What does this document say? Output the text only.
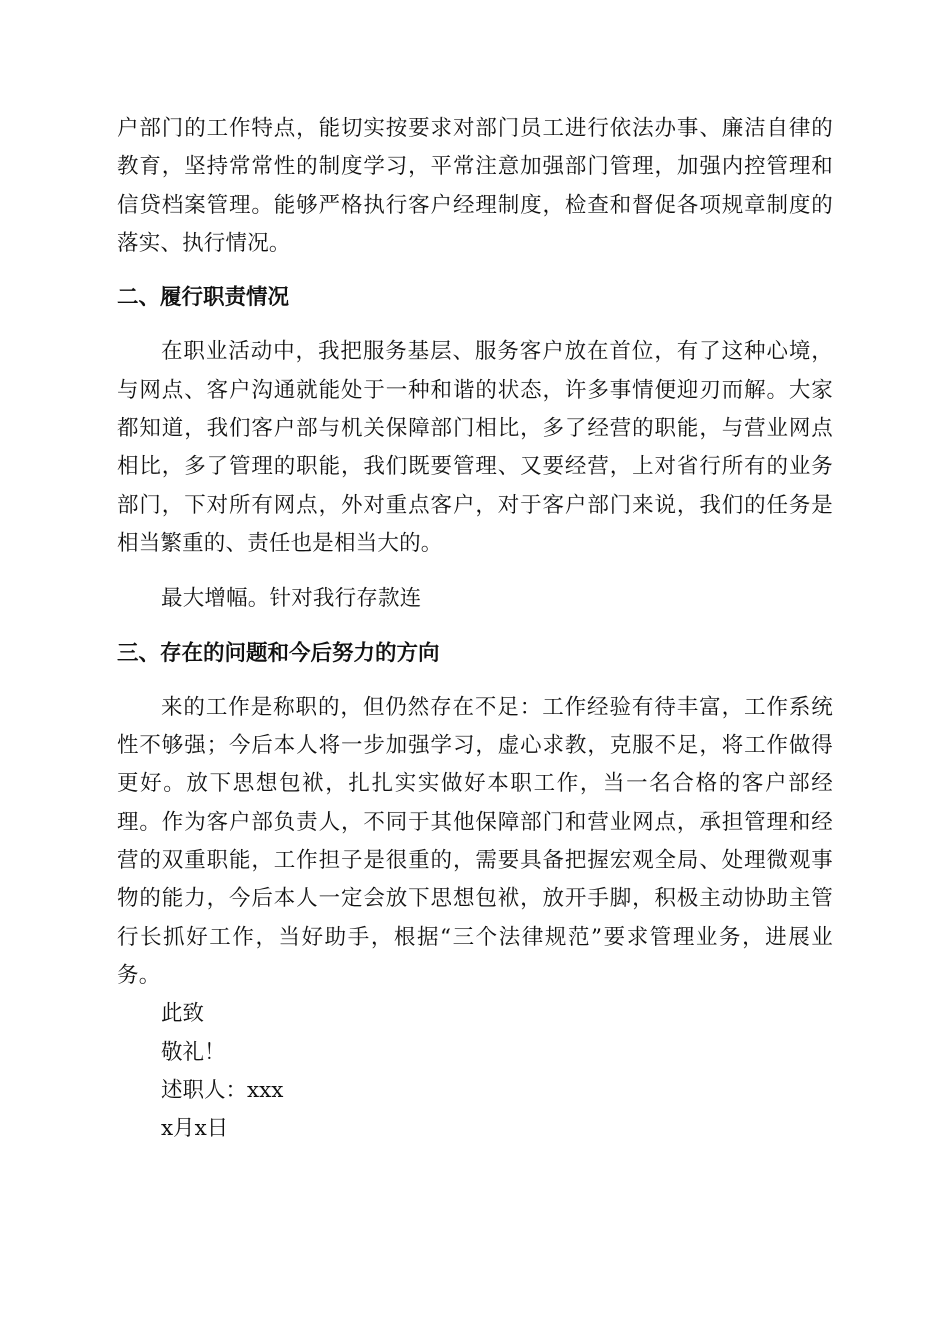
户部门的工作特点，能切实按要求对部门员工进行依法办事、廉洁自律的教育，坚持常常性的制度学习，平常注意加强部门管理，加强内控管理和信贷档案管理。能够严格执行客户经理制度，检查和督促各项规章制度的落实、执行情况。

二、履行职责情况

在职业活动中，我把服务基层、服务客户放在首位，有了这种心境，与网点、客户沟通就能处于一种和谐的状态，许多事情便迎刃而解。大家都知道，我们客户部与机关保障部门相比，多了经营的职能，与营业网点相比，多了管理的职能，我们既要管理、又要经营，上对省行所有的业务部门，下对所有网点，外对重点客户，对于客户部门来说，我们的任务是相当繁重的、责任也是相当大的。

最大增幅。针对我行存款连

三、存在的问题和今后努力的方向

来的工作是称职的，但仍然存在不足：工作经验有待丰富，工作系统性不够强；今后本人将一步加强学习，虚心求教，克服不足，将工作做得更好。放下思想包袱，扎扎实实做好本职工作，当一名合格的客户部经理。作为客户部负责人，不同于其他保障部门和营业网点，承担管理和经营的双重职能，工作担子是很重的，需要具备把握宏观全局、处理微观事物的能力，今后本人一定会放下思想包袱，放开手脚，积极主动协助主管行长抓好工作，当好助手，根据“三个法律规范”要求管理业务，进展业务。

此致

敬礼！

述职人：xxx

x月x日
